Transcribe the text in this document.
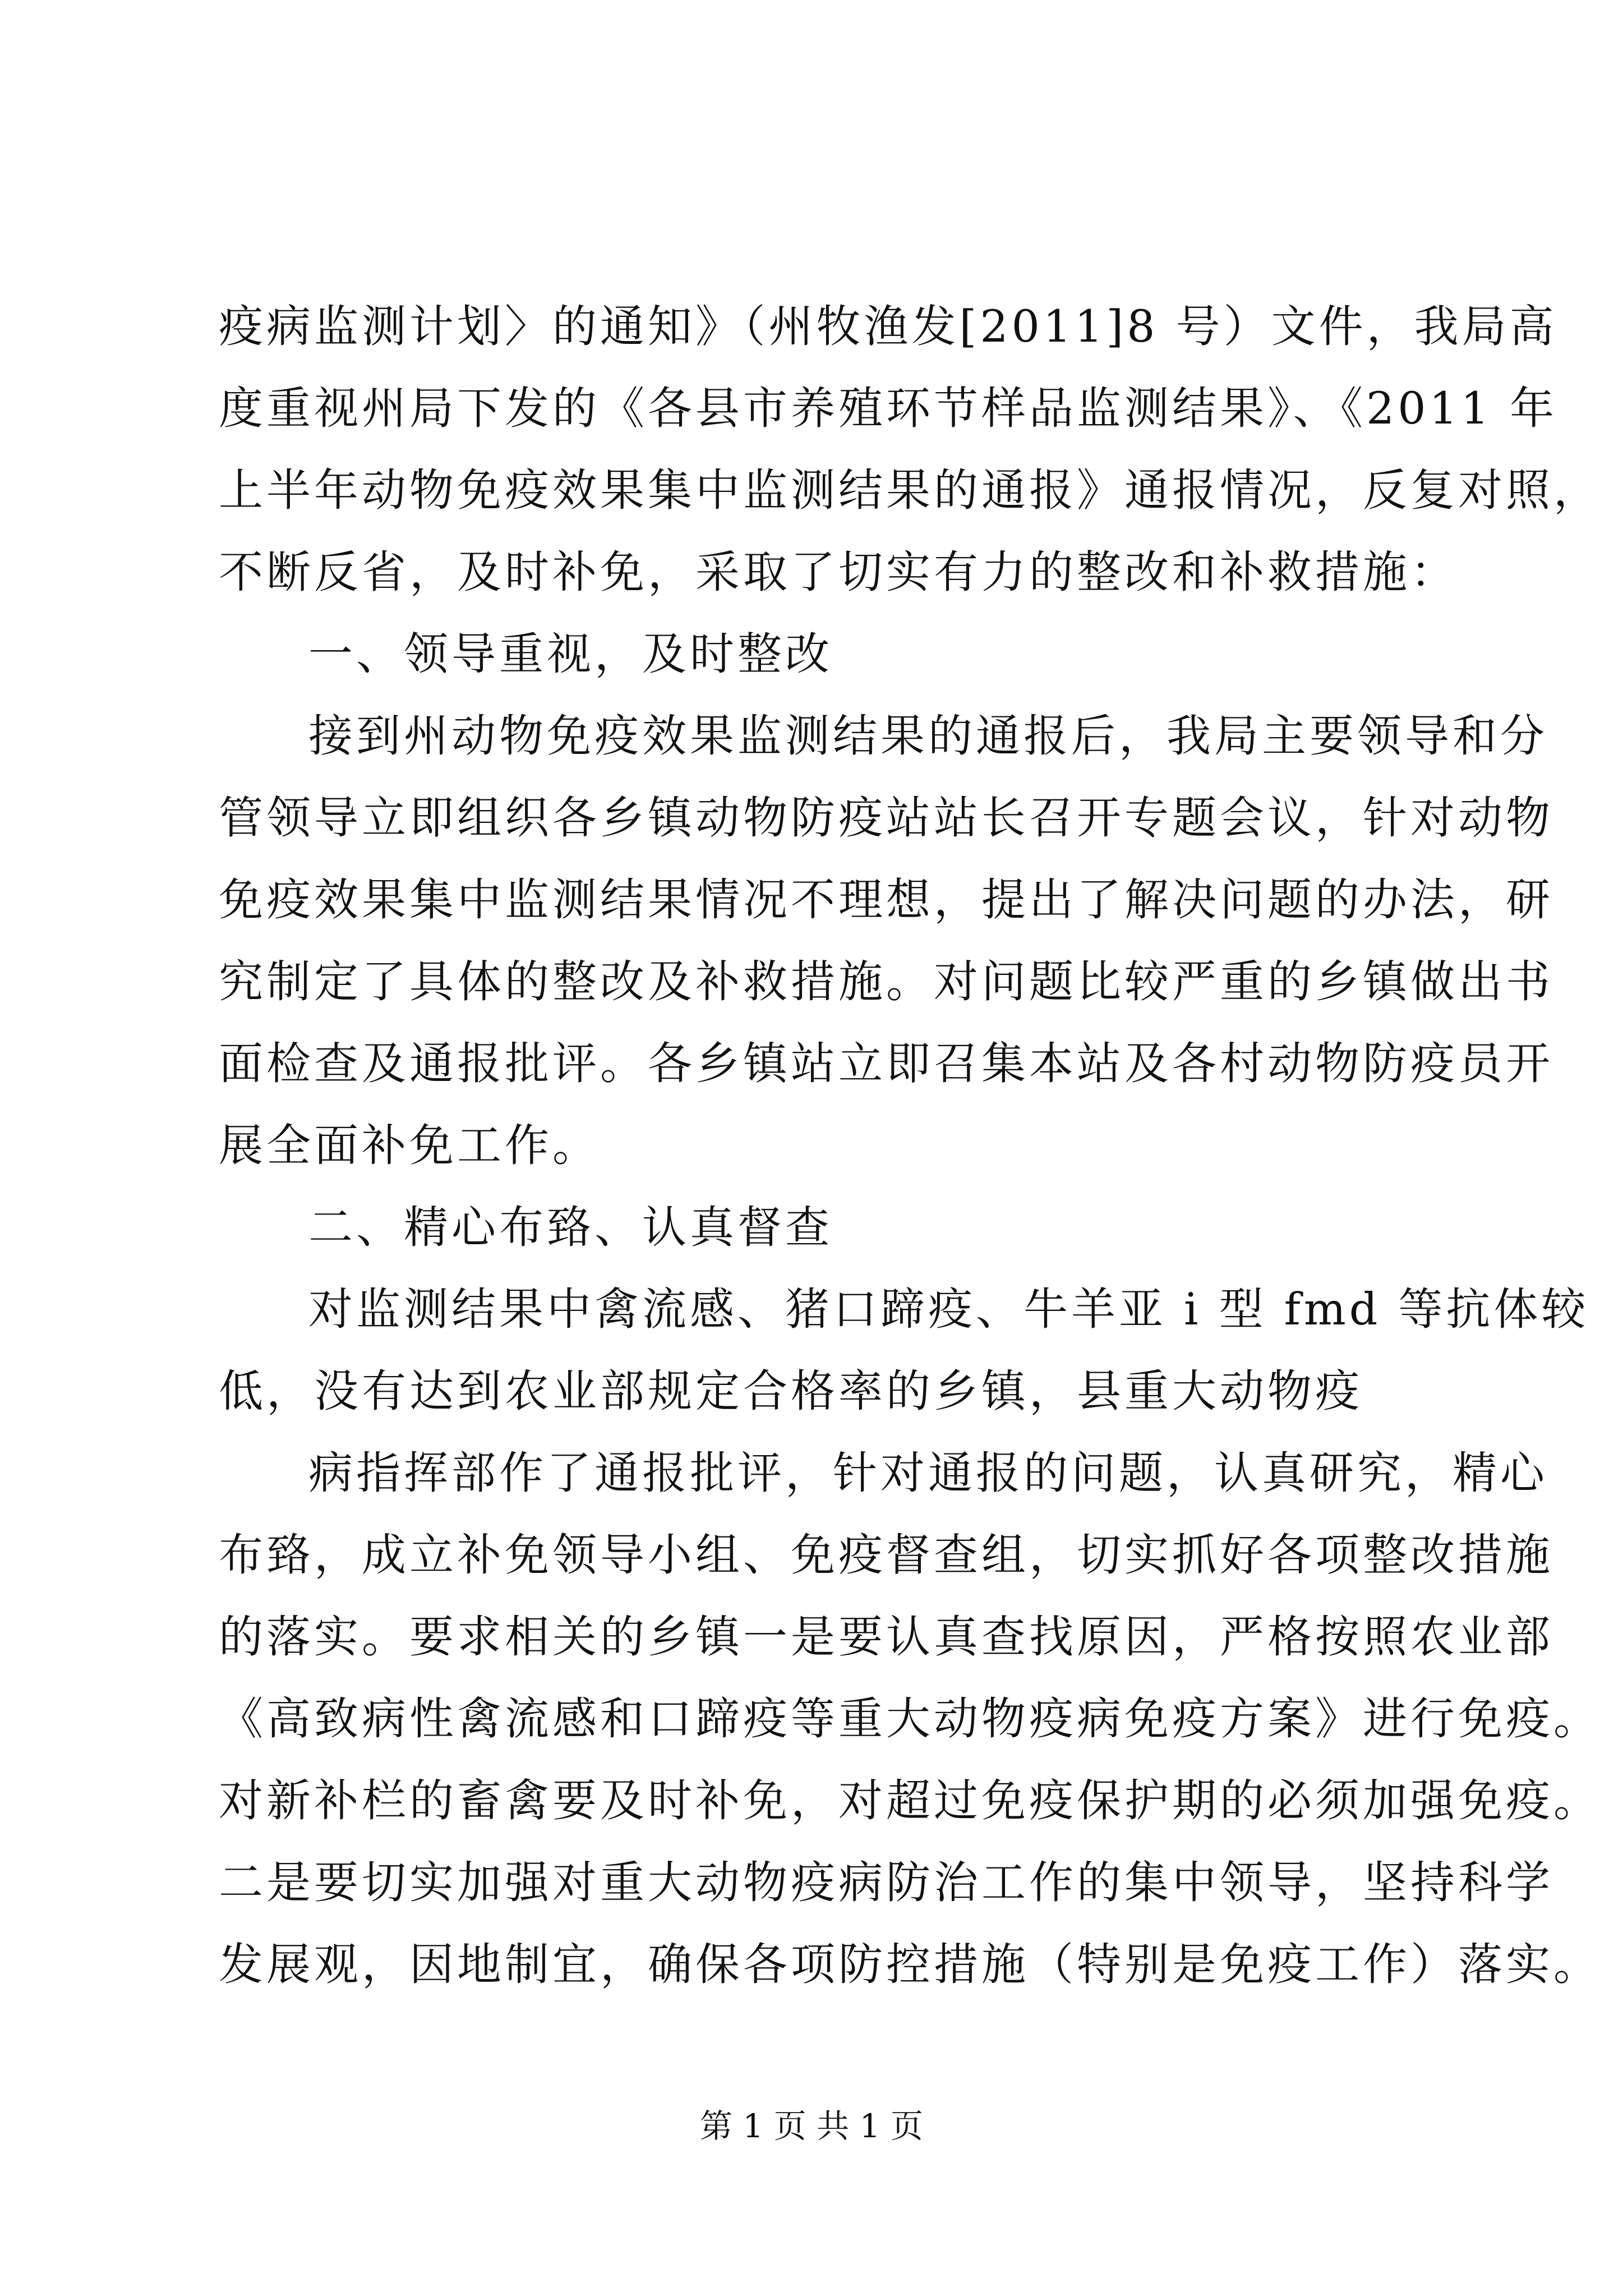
疫病监测计划〉的通知》（州牧渔发[2011]8 号）文件，我局高
度重视州局下发的《各县市养殖环节样品监测结果》、《2011 年
上半年动物免疫效果集中监测结果的通报》通报情况，反复对照，
不断反省，及时补免，采取了切实有力的整改和补救措施：
一、领导重视，及时整改
接到州动物免疫效果监测结果的通报后，我局主要领导和分
管领导立即组织各乡镇动物防疫站站长召开专题会议，针对动物
免疫效果集中监测结果情况不理想，提出了解决问题的办法，研
究制定了具体的整改及补救措施。对问题比较严重的乡镇做出书
面检查及通报批评。各乡镇站立即召集本站及各村动物防疫员开
展全面补免工作。
二、精心布臵、认真督查
对监测结果中禽流感、猪口蹄疫、牛羊亚 i 型 fmd 等抗体较
低，没有达到农业部规定合格率的乡镇，县重大动物疫
病指挥部作了通报批评，针对通报的问题，认真研究，精心
布臵，成立补免领导小组、免疫督查组，切实抓好各项整改措施
的落实。要求相关的乡镇一是要认真查找原因，严格按照农业部
《高致病性禽流感和口蹄疫等重大动物疫病免疫方案》进行免疫。
对新补栏的畜禽要及时补免，对超过免疫保护期的必须加强免疫。
二是要切实加强对重大动物疫病防治工作的集中领导，坚持科学
发展观，因地制宜，确保各项防控措施（特别是免疫工作）落实。
第 1 页 共 1 页
